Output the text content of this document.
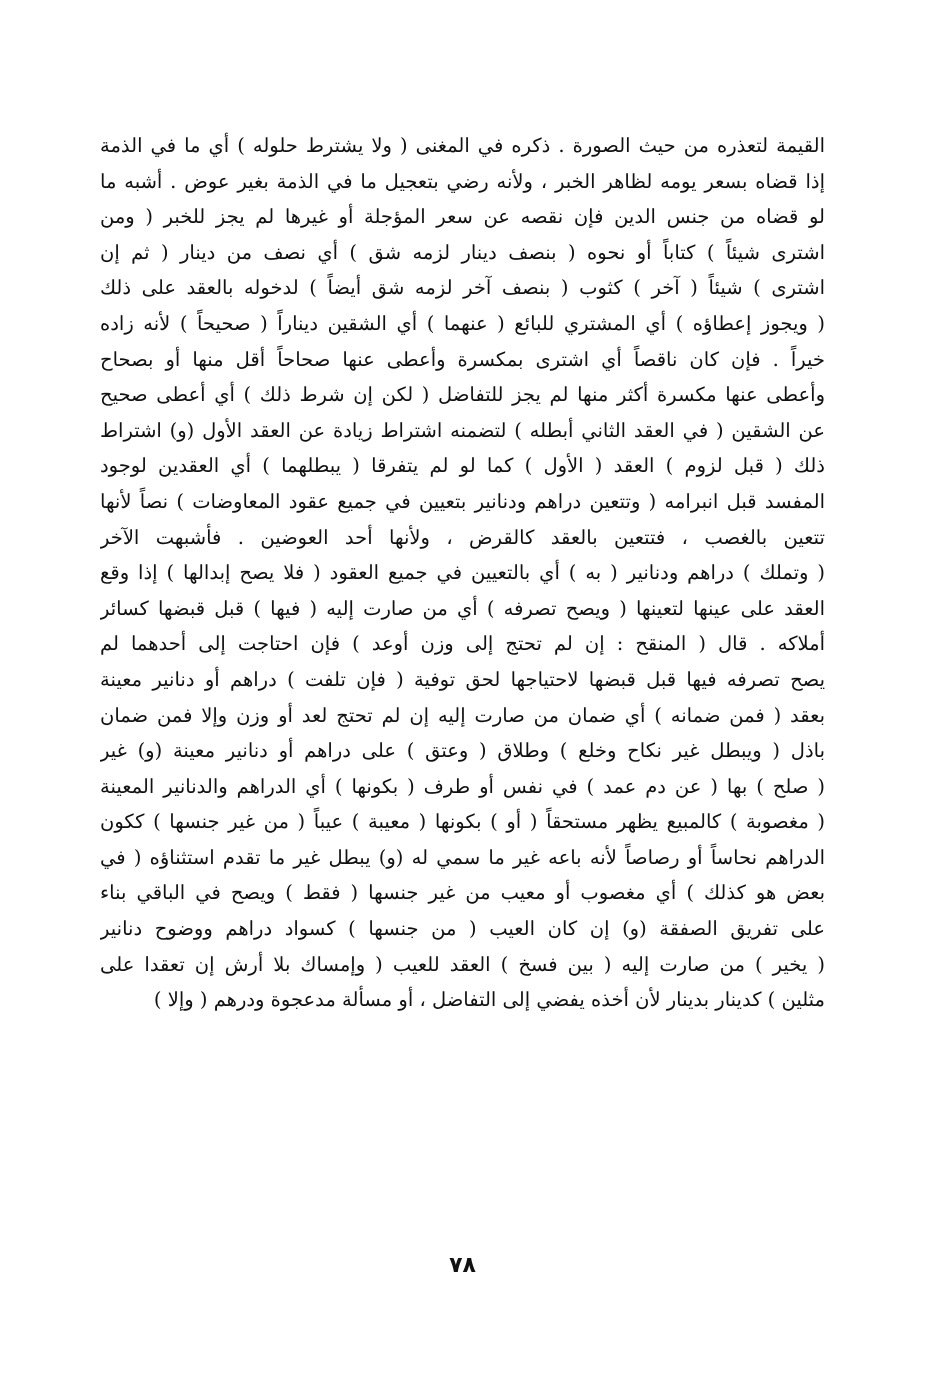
القيمة لتعذره من حيث الصورة . ذكره في المغنى ( ولا يشترط حلوله ) أي ما في الذمة
إذا قضاه بسعر يومه لظاهر الخبر ، ولأنه رضي بتعجيل ما في الذمة بغير عوض . أشبه ما
لو قضاه من جنس الدين فإن نقصه عن سعر المؤجلة أو غيرها لم يجز للخبر ( ومن
اشترى شيئاً ) كتاباً أو نحوه ( بنصف دينار لزمه شق ) أي نصف من دينار ( ثم إن
اشترى ) شيئاً ( آخر ) كثوب ( بنصف آخر لزمه شق أيضاً ) لدخوله بالعقد على ذلك
( ويجوز إعطاؤه ) أي المشتري للبائع ( عنهما ) أي الشقين ديناراً ( صحيحاً ) لأنه زاده
خيراً . فإن كان ناقصاً أي اشترى بمكسرة وأعطى عنها صحاحاً أقل منها أو بصحاح
وأعطى عنها مكسرة أكثر منها لم يجز للتفاضل ( لكن إن شرط ذلك ) أي أعطى صحيح
عن الشقين ( في العقد الثاني أبطله ) لتضمنه اشتراط زيادة عن العقد الأول (و) اشتراط
ذلك ( قبل لزوم ) العقد ( الأول ) كما لو لم يتفرقا ( يبطلهما ) أي العقدين لوجود
المفسد قبل انبرامه ( وتتعين دراهم ودنانير بتعيين في جميع عقود المعاوضات ) نصاً لأنها
تتعين بالغصب ، فتتعين بالعقد كالقرض ، ولأنها أحد العوضين . فأشبهت الآخر
( وتملك ) دراهم ودنانير ( به ) أي بالتعيين في جميع العقود ( فلا يصح إبدالها ) إذا وقع
العقد على عينها لتعينها ( ويصح تصرفه ) أي من صارت إليه ( فيها ) قبل قبضها كسائر
أملاكه . قال ( المنقح : إن لم تحتج إلى وزن أوعد ) فإن احتاجت إلى أحدهما لم
يصح تصرفه فيها قبل قبضها لاحتياجها لحق توفية ( فإن تلفت ) دراهم أو دنانير معينة
بعقد ( فمن ضمانه ) أي ضمان من صارت إليه إن لم تحتج لعد أو وزن وإلا فمن ضمان
باذل ( ويبطل غير نكاح وخلع ) وطلاق ( وعتق ) على دراهم أو دنانير معينة (و) غير
( صلح ) بها ( عن دم عمد ) في نفس أو طرف ( بكونها ) أي الدراهم والدنانير المعينة
( مغصوبة ) كالمبيع يظهر مستحقاً ( أو ) بكونها ( معيبة ) عيباً ( من غير جنسها ) ككون
الدراهم نحاساً أو رصاصاً لأنه باعه غير ما سمي له (و) يبطل غير ما تقدم استثناؤه ( في
بعض هو كذلك ) أي مغصوب أو معيب من غير جنسها ( فقط ) ويصح في الباقي بناء
على تفريق الصفقة (و) إن كان العيب ( من جنسها ) كسواد دراهم ووضوح دنانير
( يخير ) من صارت إليه ( بين فسخ ) العقد للعيب ( وإمساك بلا أرش إن تعقدا على
مثلين ) كدينار بدينار لأن أخذه يفضي إلى التفاضل ، أو مسألة مدعجوة ودرهم ( وإلا )
٧٨
